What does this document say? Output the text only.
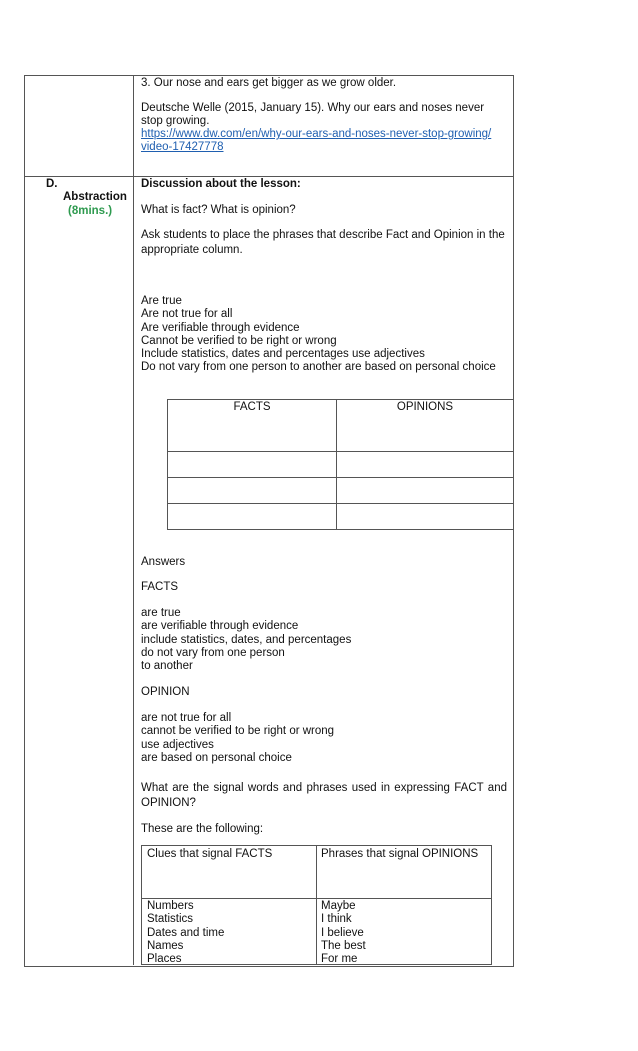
3. Our nose and ears get bigger as we grow older.
Deutsche Welle (2015, January 15). Why our ears and noses never
stop growing.
https://www.dw.com/en/why-our-ears-and-noses-never-stop-growing/
video-17427778
D.
Abstraction
(8mins.)
Discussion about the lesson:
What is fact? What is opinion?
Ask students to place the phrases that describe Fact and Opinion in the
appropriate column.
Are true
Are not true for all
Are verifiable through evidence
Cannot be verified to be right or wrong
Include statistics, dates and percentages use adjectives
Do not vary from one person to another are based on personal choice
FACTS	OPINIONS
Answers
FACTS
are true
are verifiable through evidence
include statistics, dates, and percentages
do not vary from one person
to another
OPINION
are not true for all
cannot be verified to be right or wrong
use adjectives
are based on personal choice
What are the signal words and phrases used in expressing FACT and
OPINION?
These are the following:
Clues that signal FACTS	Phrases that signal OPINIONS
Numbers
Statistics
Dates and time
Names
Places
Maybe
I think
I believe
The best
For me
